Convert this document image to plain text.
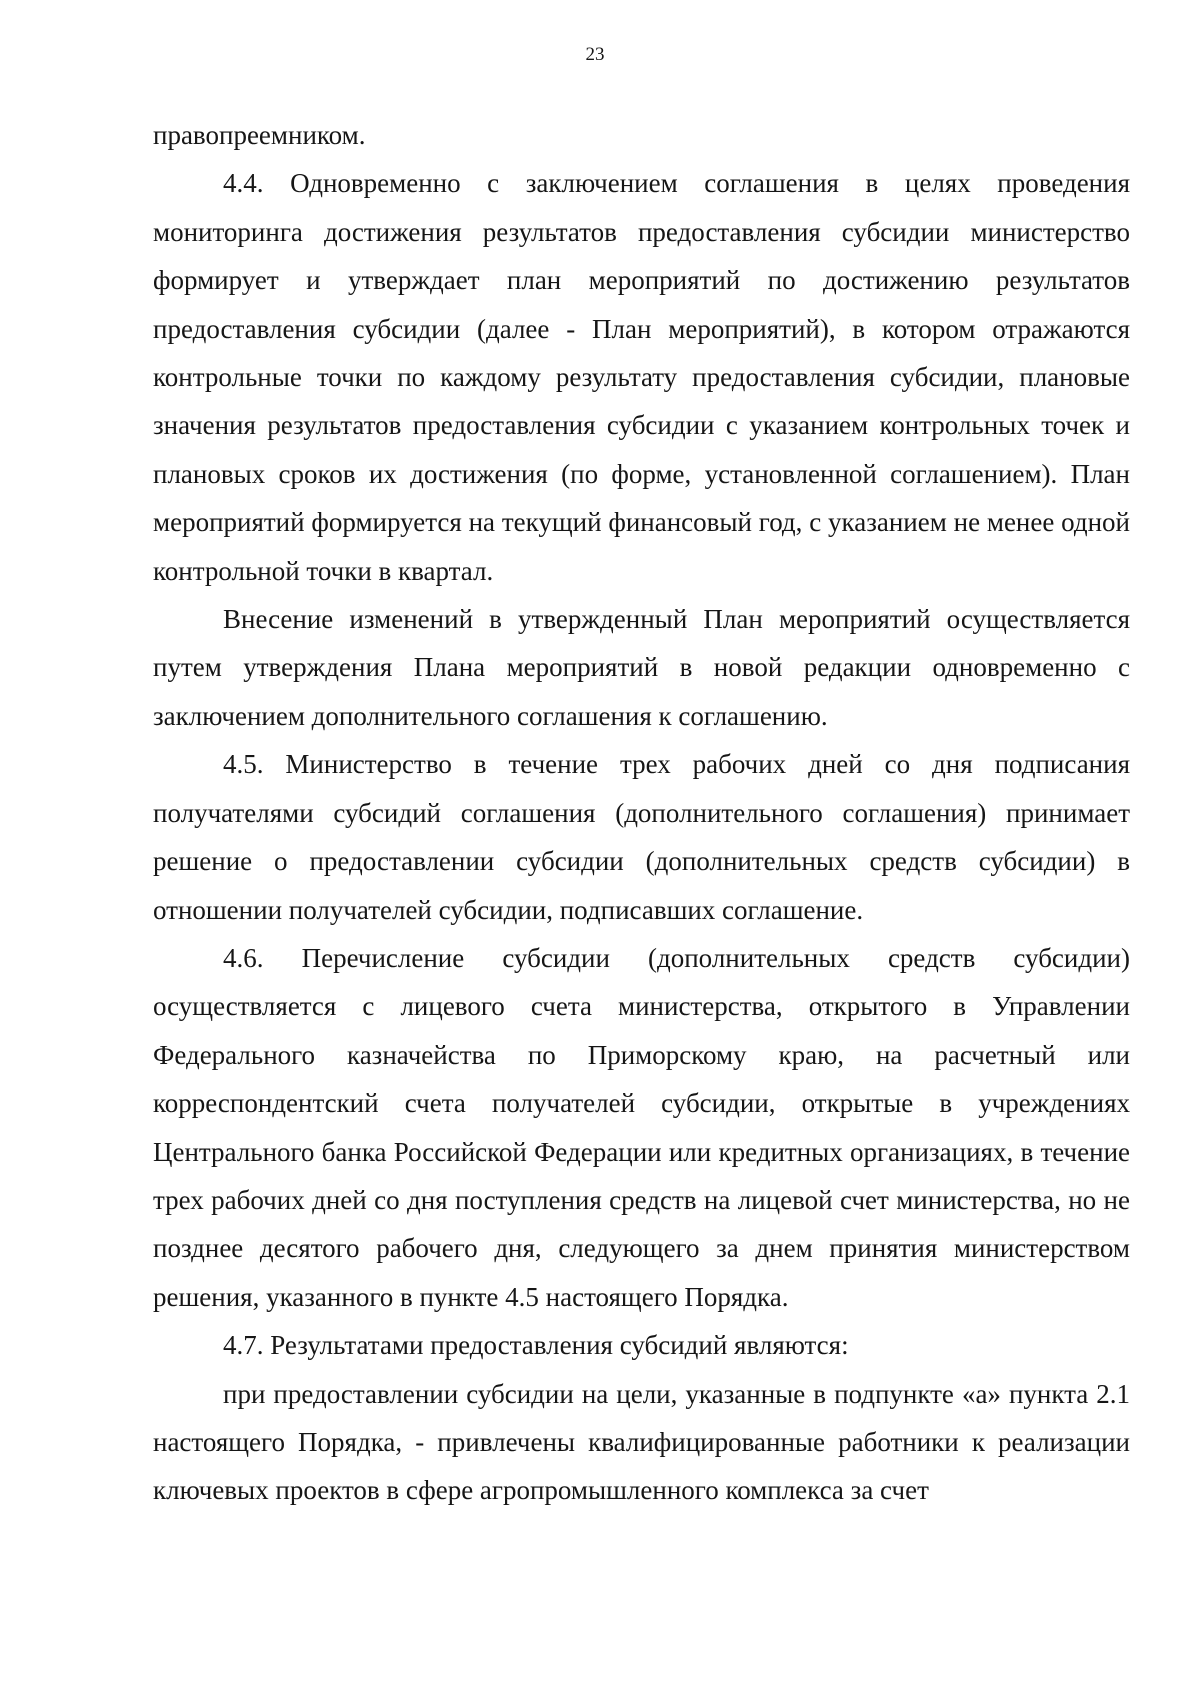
23

правопреемником.

4.4. Одновременно с заключением соглашения в целях проведения мониторинга достижения результатов предоставления субсидии министерство формирует и утверждает план мероприятий по достижению результатов предоставления субсидии (далее - План мероприятий), в котором отражаются контрольные точки по каждому результату предоставления субсидии, плановые значения результатов предоставления субсидии с указанием контрольных точек и плановых сроков их достижения (по форме, установленной соглашением). План мероприятий формируется на текущий финансовый год, с указанием не менее одной контрольной точки в квартал.

Внесение изменений в утвержденный План мероприятий осуществляется путем утверждения Плана мероприятий в новой редакции одновременно с заключением дополнительного соглашения к соглашению.

4.5. Министерство в течение трех рабочих дней со дня подписания получателями субсидий соглашения (дополнительного соглашения) принимает решение о предоставлении субсидии (дополнительных средств субсидии) в отношении получателей субсидии, подписавших соглашение.

4.6. Перечисление субсидии (дополнительных средств субсидии) осуществляется с лицевого счета министерства, открытого в Управлении Федерального казначейства по Приморскому краю, на расчетный или корреспондентский счета получателей субсидии, открытые в учреждениях Центрального банка Российской Федерации или кредитных организациях, в течение трех рабочих дней со дня поступления средств на лицевой счет министерства, но не позднее десятого рабочего дня, следующего за днем принятия министерством решения, указанного в пункте 4.5 настоящего Порядка.

4.7. Результатами предоставления субсидий являются:

при предоставлении субсидии на цели, указанные в подпункте «а» пункта 2.1 настоящего Порядка, - привлечены квалифицированные работники к реализации ключевых проектов в сфере агропромышленного комплекса за счет
